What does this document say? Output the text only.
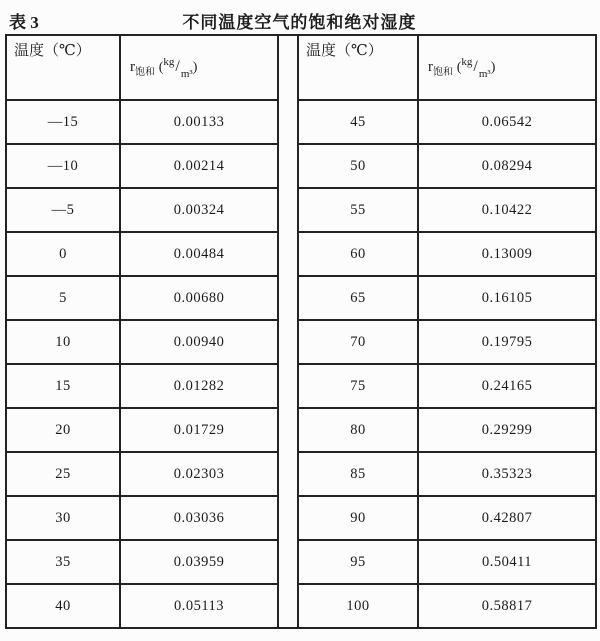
表 3	不同温度空气的饱和绝对湿度
温度（℃）	$r_{饱和}$ $(^{kg}/_{m^3})$		温度（℃）	$r_{饱和}$ $(^{kg}/_{m^3})$
—15	0.00133		45	0.06542
—10	0.00214		50	0.08294
—5	0.00324		55	0.10422
0	0.00484		60	0.13009
5	0.00680		65	0.16105
10	0.00940		70	0.19795
15	0.01282		75	0.24165
20	0.01729		80	0.29299
25	0.02303		85	0.35323
30	0.03036		90	0.42807
35	0.03959		95	0.50411
40	0.05113		100	0.58817
